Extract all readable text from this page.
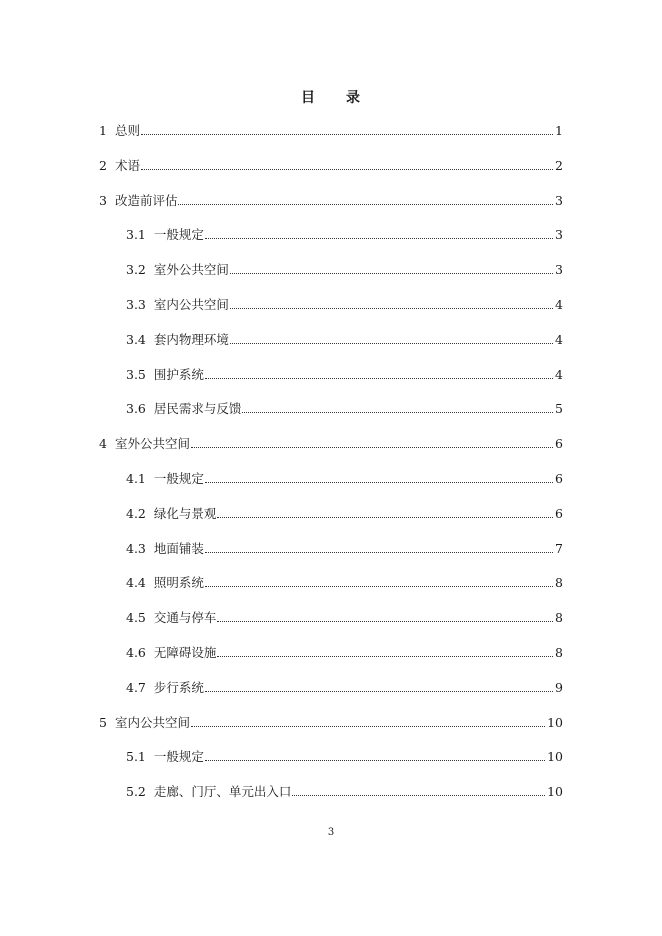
目 录
1 总则	1
2 术语	2
3 改造前评估	3
3.1 一般规定	3
3.2 室外公共空间	3
3.3 室内公共空间	4
3.4 套内物理环境	4
3.5 围护系统	4
3.6 居民需求与反馈	5
4 室外公共空间	6
4.1 一般规定	6
4.2 绿化与景观	6
4.3 地面铺装	7
4.4 照明系统	8
4.5 交通与停车	8
4.6 无障碍设施	8
4.7 步行系统	9
5 室内公共空间	10
5.1 一般规定	10
5.2 走廊、门厅、单元出入口	10
3
